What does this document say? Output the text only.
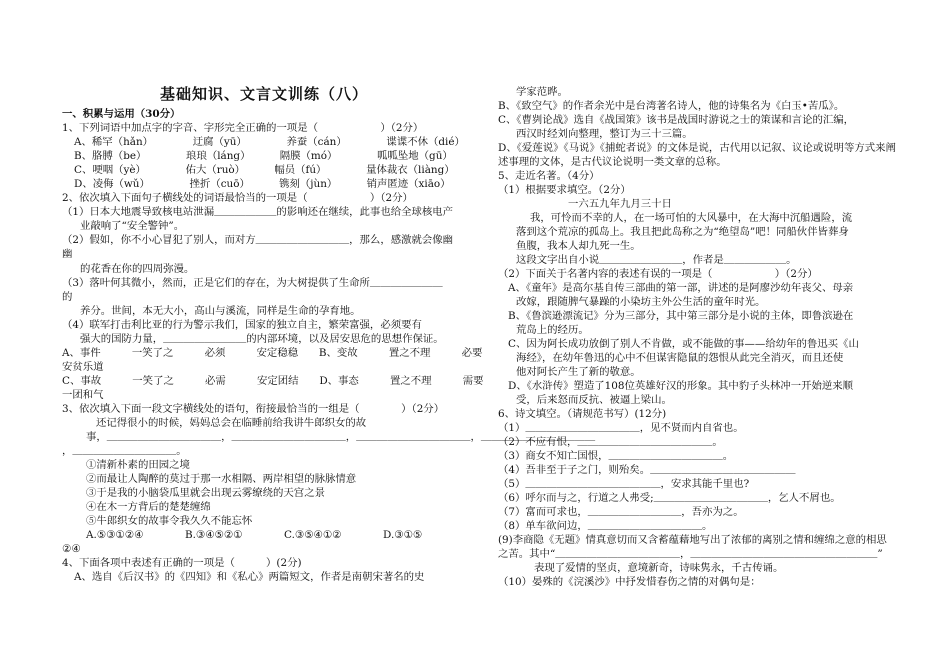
基础知识、文言文训练（八）
一、积累与运用（30分）
1、下列词语中加点字的字音、字形完全正确的一项是（　　　　　　）（2分）
A、稀罕（hǎn）　　　　 迂腐（yū）　　　　 养蚕（cán）　　　　 谍谍不休（dié）
B、胳膊（be）　　　　 琅琅（láng）　　　 隔膜（mó）　　　　 呱呱坠地（gū）
C、哽咽（yè）　　　　 佑大（ruò）　　　 幅员（fú）　　　　 量体裁衣（liàng）
D、凌侮（wǔ）　　　　 挫折（cuō）　　　 镌刻（jùn）　　　 销声匿迹（xiāo）
2、依次填入下面句子横线处的词语最恰当的一项是（　　　　　　）（2分）
（1）日本大地震导致核电站泄漏＿＿＿＿＿＿的影响还在继续，此事也给全球核电产
业敲响了“安全警钟”。
（2）假如，你不小心冒犯了别人，而对方＿＿＿＿＿＿＿＿＿，那么，感激就会像幽
幽
的花香在你的四周弥漫。
（3）落叶何其微小，然而，正是它们的存在，为大树提供了生命所＿＿＿＿＿＿＿
的
养分。世间，本无大小，高山与溪流，同样是生命的孕育地。
（4）联军打击利比亚的行为警示我们，国家的独立自主，繁荣富强，必须要有
强大的国防力量，＿＿＿＿＿＿＿＿的内部环境，以及居安思危的思想作保证。
A、事件　　　一笑了之　　　必须　　　安定稳稳　　B、变故　　　置之不理　　　必要
安贫乐道
C、事故　　　一笑了之　　　必需　　　安定团结　　D、事态　　　置之不理　　　需要
一团和气
3、依次填入下面一段文字横线处的语句，衔接最恰当的一组是（　　　　）（2分）
还记得很小的时候，妈妈总会在临睡前给我讲牛郎织女的故
事，＿＿＿＿＿＿＿＿＿＿＿，＿＿＿＿＿＿＿＿＿＿＿，＿＿＿＿＿＿＿＿＿＿＿，＿＿＿＿＿＿＿＿＿＿＿
，＿＿＿＿＿＿＿＿＿＿。
①清新朴素的田园之境
②而最让人陶醉的莫过于那一水相隔、两岸相望的脉脉情意
③于是我的小脑袋瓜里就会出现云雾缭绕的天宫之景
④在木一方背后的楚楚缠绵
⑤牛郎织女的故事令我久久不能忘怀
A.⑤③①②④　　　　B.③④⑤②①　　　　C.③⑤④①②　　　　D.③①⑤
②④
4、下面各项中表述有正确的一项是（　　　）(2分)
A、选自《后汉书》的《四知》和《私心》两篇短文，作者是南朝宋著名的史
学家范晔。
B、《致空气》的作者余光中是台湾著名诗人，他的诗集名为《白玉•苦瓜》。
C、《曹刿论战》选自《战国策》该书是战国时游说之士的策谋和言论的汇编，
西汉时经刘向整理，整订为三十三篇。
D、《爱莲说》《马说》《捕蛇者说》的文体是说，古代用以记叙、议论或说明等方式来阐
述事理的文体，是古代议论说明一类文章的总称。
5、走近名著。（4分）
（1）根据要求填空。（2分）
一六五九年九月三十日
我，可怜而不幸的人，在一场可怕的大风暴中，在大海中沉船遇险，流
落到这个荒凉的孤岛上。我且把此岛称之为“绝望岛”吧！同船伙伴皆葬身
鱼腹，我本人却九死一生。
这段文字出自小说＿＿＿＿＿＿＿＿，作者是＿＿＿＿＿＿。
（2）下面关于名著内容的表述有误的一项是（　　　　　　）（2分）
A、《童年》是高尔基自传三部曲的第一部，讲述的是阿廖沙幼年丧父、母亲
改嫁，跟随脾气暴躁的小染坊主外公生活的童年时光。
B、《鲁滨逊漂流记》分为三部分，其中第三部分是小说的主体，即鲁滨逊在
荒岛上的经历。
C、因为阿长成功放倒了别人不肯做，或不能做的事——给幼年的鲁迅买《山
海经》，在幼年鲁迅的心中不但谋害隐鼠的怨恨从此完全消灭，而且还使
他对阿长产生了新的敬意。
D、《水浒传》塑造了108位英雄好汉的形象。其中豹子头林冲一开始逆来顺
受，后来怒而反抗、被逼上梁山。
6、诗文填空。（请规范书写）(12分)
（1）＿＿＿＿＿＿＿＿＿＿＿，见不贤而内自省也。
（2）不应有恨，＿＿＿＿＿＿＿＿＿＿＿＿＿。
（3）商女不知亡国恨，＿＿＿＿＿＿＿＿＿＿＿。
（4）吾非至于子之门，则殆矣。＿＿＿＿＿＿＿＿＿＿＿＿＿＿
（5）＿＿＿＿＿＿＿＿＿＿＿＿＿，安求其能千里也?
（6）呼尔而与之，行道之人弗受;＿＿＿＿＿＿＿＿＿＿＿，乞人不屑也。
（7）富而可求也，＿＿＿＿＿＿＿＿＿，吾亦为之。
（8）单车欲问边，＿＿＿＿＿＿＿＿＿＿＿。
(9)李商隐《无题》情真意切而又含蓄蕴藉地写出了浓郁的离别之情和缠绵之意的相思
之苦。其中“＿＿＿＿＿＿＿＿＿＿＿＿，＿＿＿＿＿＿＿＿＿＿＿＿＿＿＿＿＿＿”
表现了爱情的坚贞，意境新奇，诗味隽永，千古传诵。
（10）晏殊的《浣溪沙》中抒发惜春伤之情的对偶句是：
